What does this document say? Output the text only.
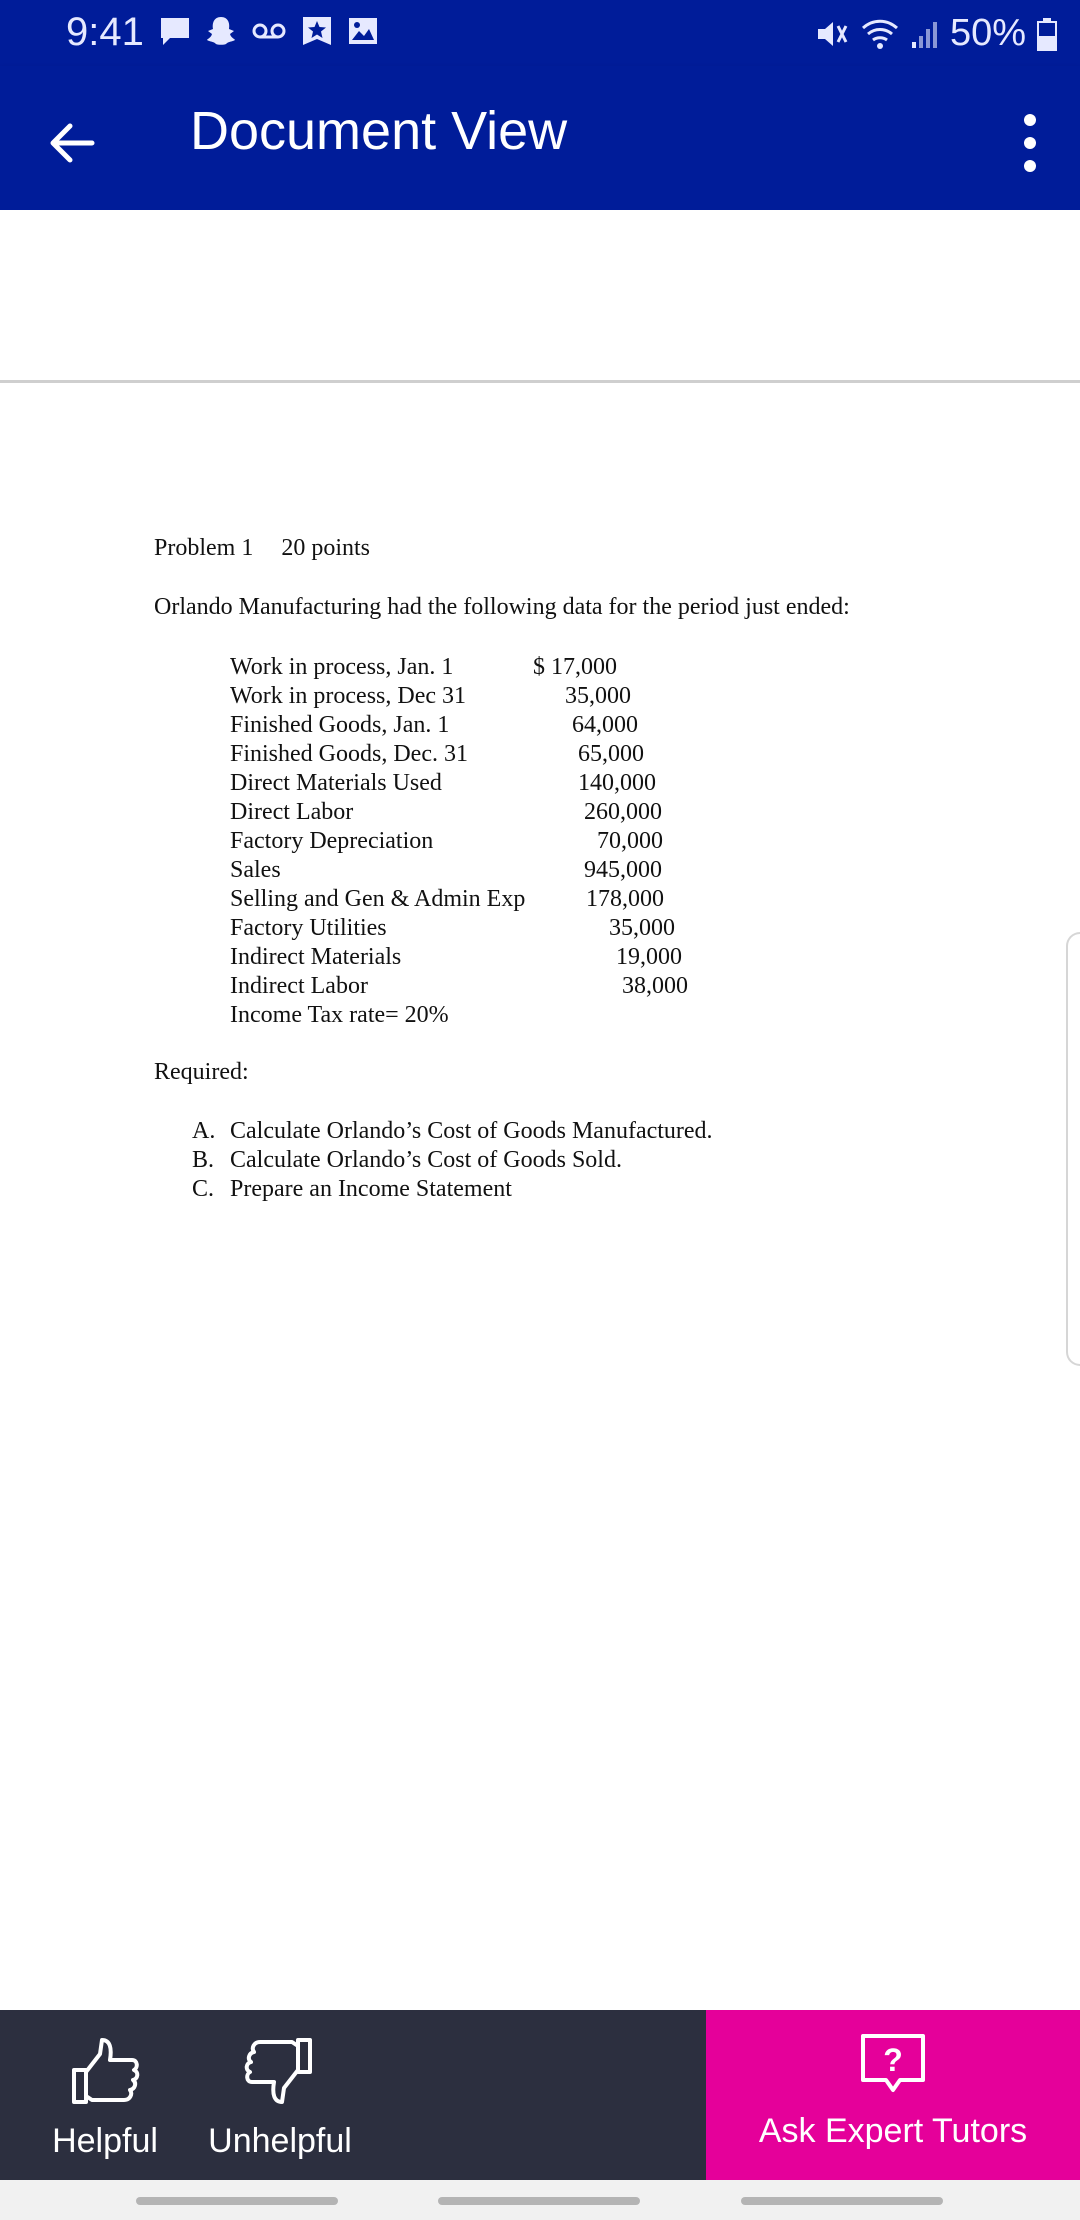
9:41	50%
Document View
Problem 1 20 points
Orlando Manufacturing had the following data for the period just ended:
Work in process, Jan. 1	$ 17,000
Work in process, Dec 31	35,000
Finished Goods, Jan. 1	64,000
Finished Goods, Dec. 31	65,000
Direct Materials Used	140,000
Direct Labor	260,000
Factory Depreciation	70,000
Sales	945,000
Selling and Gen & Admin Exp	178,000
Factory Utilities	35,000
Indirect Materials	19,000
Indirect Labor	38,000
Income Tax rate= 20%
Required:
A. Calculate Orlando’s Cost of Goods Manufactured.
B. Calculate Orlando’s Cost of Goods Sold.
C. Prepare an Income Statement
Helpful	Unhelpful
?
Ask Expert Tutors
